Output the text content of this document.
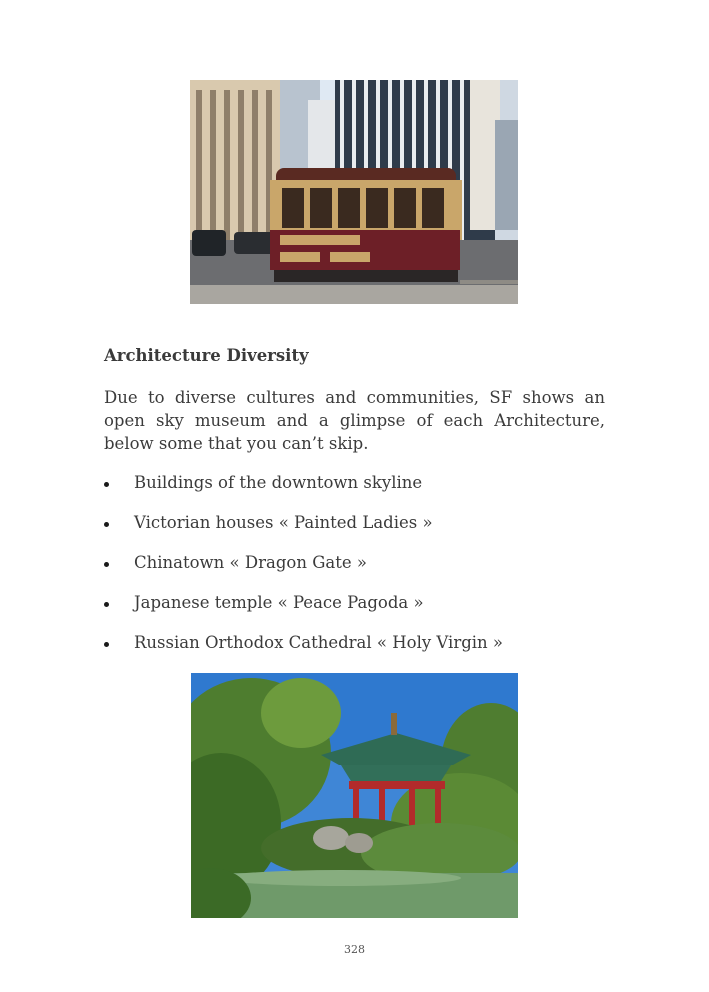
Architecture Diversity

Due to diverse cultures and communities, SF shows an open sky museum and a glimpse of each Architecture, below some that you can’t skip.

Buildings of the downtown skyline
Victorian houses « Painted Ladies »
Chinatown « Dragon Gate »
Japanese temple « Peace Pagoda »
Russian Orthodox Cathedral « Holy Virgin »
328
